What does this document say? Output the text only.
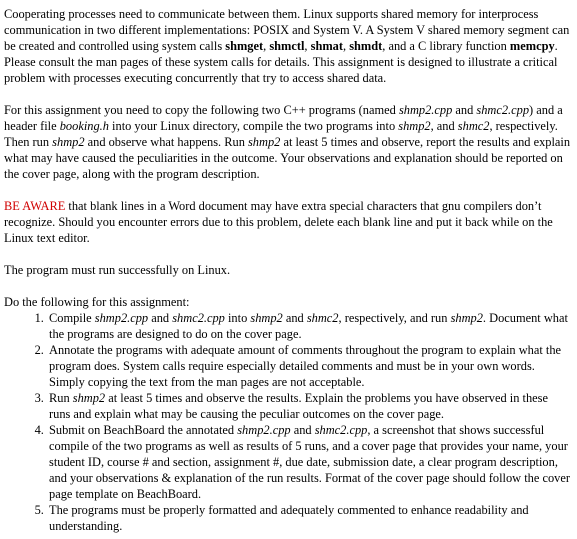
Cooperating processes need to communicate between them. Linux supports shared memory for interprocess communication in two different implementations: POSIX and System V. A System V shared memory segment can be created and controlled using system calls shmget, shmctl, shmat, shmdt, and a C library function memcpy. Please consult the man pages of these system calls for details. This assignment is designed to illustrate a critical problem with processes executing concurrently that try to access shared data.

For this assignment you need to copy the following two C++ programs (named shmp2.cpp and shmc2.cpp) and a header file booking.h into your Linux directory, compile the two programs into shmp2, and shmc2, respectively. Then run shmp2 and observe what happens. Run shmp2 at least 5 times and observe, report the results and explain what may have caused the peculiarities in the outcome. Your observations and explanation should be reported on the cover page, along with the program description.

BE AWARE that blank lines in a Word document may have extra special characters that gnu compilers don’t recognize. Should you encounter errors due to this problem, delete each blank line and put it back while on the Linux text editor.

The program must run successfully on Linux.

Do the following for this assignment:

1. Compile shmp2.cpp and shmc2.cpp into shmp2 and shmc2, respectively, and run shmp2. Document what the programs are designed to do on the cover page.
2. Annotate the programs with adequate amount of comments throughout the program to explain what the program does. System calls require especially detailed comments and must be in your own words. Simply copying the text from the man pages are not acceptable.
3. Run shmp2 at least 5 times and observe the results. Explain the problems you have observed in these runs and explain what may be causing the peculiar outcomes on the cover page.
4. Submit on BeachBoard the annotated shmp2.cpp and shmc2.cpp, a screenshot that shows successful compile of the two programs as well as results of 5 runs, and a cover page that provides your name, your student ID, course # and section, assignment #, due date, submission date, a clear program description, and your observations & explanation of the run results. Format of the cover page should follow the cover page template on BeachBoard.
5. The programs must be properly formatted and adequately commented to enhance readability and understanding.
